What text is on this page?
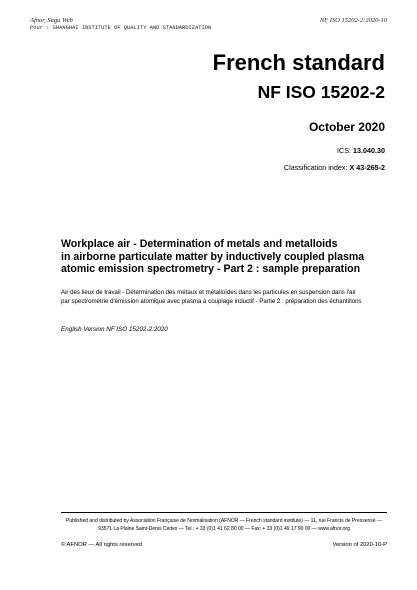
Afnor, Saga Web
Pour : SHANGHAI INSTITUTE OF QUALITY AND STANDARDIZATION
NF ISO 15202-2:2020-10
French standard
NF ISO 15202-2
October 2020
ICS: 13.040.30
Classification index: X 43-265-2
Workplace air - Determination of metals and metalloids
in airborne particulate matter by inductively coupled plasma
atomic emission spectrometry - Part 2 : sample preparation
Air des lieux de travail - Détermination des métaux et métalloïdes dans les particules en suspension dans l'air
par spectrométrie d'émission atomique avec plasma à couplage inductif - Partie 2 : préparation des échantillons
English Version NF ISO 15202-2:2020
Published and distributed by Association Française de Normalisation (AFNOR — French standard institute) — 11, rue Francis de Pressensé —
93571 La Plaine Saint-Denis Cedex — Tel.: + 33 (0)1 41 62 80 00 — Fax: + 33 (0)1 49 17 90 00 — www.afnor.org
© AFNOR — All rights reserved	Version of 2020-10-P
